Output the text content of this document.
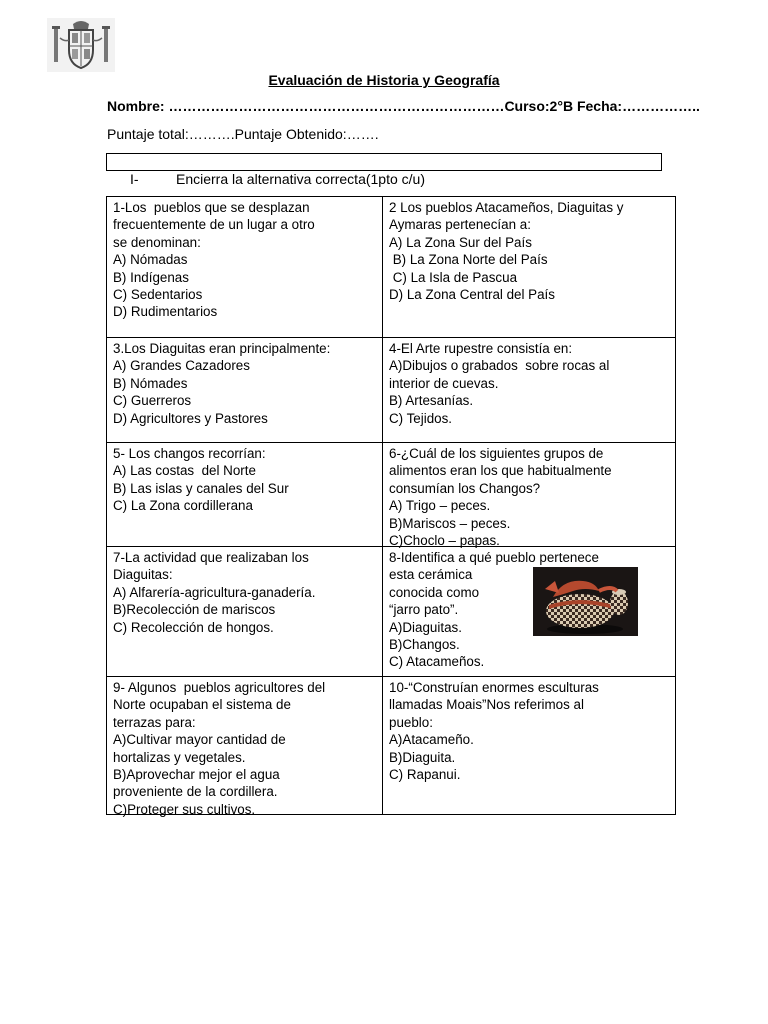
Evaluación de Historia y Geografía
Nombre: ………………………………………………………………Curso:2°B Fecha:……………..
Puntaje total:……….Puntaje Obtenido:…….
I-	Encierra la alternativa correcta(1pto c/u)
1-Los  pueblos que se desplazan
frecuentemente de un lugar a otro
se denominan:
A) Nómadas
B) Indígenas
C) Sedentarios
D) Rudimentarios
2 Los pueblos Atacameños, Diaguitas y
Aymaras pertenecían a:
A) La Zona Sur del País
B) La Zona Norte del País
C) La Isla de Pascua
D) La Zona Central del País
3.Los Diaguitas eran principalmente:
A) Grandes Cazadores
B) Nómades
C) Guerreros
D) Agricultores y Pastores
4-El Arte rupestre consistía en:
A)Dibujos o grabados  sobre rocas al
interior de cuevas.
B) Artesanías.
C) Tejidos.
5- Los changos recorrían:
A) Las costas  del Norte
B) Las islas y canales del Sur
C) La Zona cordillerana
6-¿Cuál de los siguientes grupos de
alimentos eran los que habitualmente
consumían los Changos?
A) Trigo – peces.
B)Mariscos – peces.
C)Choclo – papas.
7-La actividad que realizaban los
Diaguitas:
A) Alfarería-agricultura-ganadería.
B)Recolección de mariscos
C) Recolección de hongos.
8-Identifica a qué pueblo pertenece
esta cerámica
conocida como
“jarro pato”.
A)Diaguitas.
B)Changos.
C) Atacameños.
9- Algunos  pueblos agricultores del
Norte ocupaban el sistema de
terrazas para:
A)Cultivar mayor cantidad de
hortalizas y vegetales.
B)Aprovechar mejor el agua
proveniente de la cordillera.
C)Proteger sus cultivos.
10-“Construían enormes esculturas
llamadas Moais”Nos referimos al
pueblo:
A)Atacameño.
B)Diaguita.
C) Rapanui.
